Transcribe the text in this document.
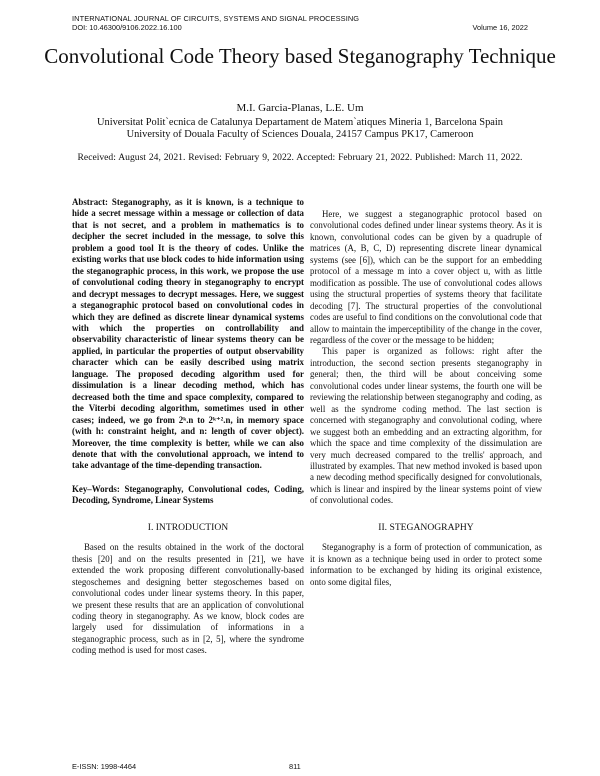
INTERNATIONAL JOURNAL OF CIRCUITS, SYSTEMS AND SIGNAL PROCESSING
DOI: 10.46300/9106.2022.16.100	Volume 16, 2022
Convolutional Code Theory based Steganography Technique
M.I. Garcia-Planas, L.E. Um
Universitat Polit`ecnica de Catalunya Departament de Matem`atiques Mineria 1, Barcelona Spain
University of Douala Faculty of Sciences Douala, 24157 Campus PK17, Cameroon
Received: August 24, 2021. Revised: February 9, 2022. Accepted: February 21, 2022. Published: March 11, 2022.

Abstract: Steganography, as it is known, is a technique to hide a secret message within a message or collection of data that is not secret, and a problem in mathematics is to decipher the secret included in the message, to solve this problem a good tool It is the theory of codes. Unlike the existing works that use block codes to hide information using the steganographic process, in this work, we propose the use of convolutional coding theory in steganography to encrypt and decrypt messages to decrypt messages. Here, we suggest a steganographic protocol based on convolutional codes in which they are defined as discrete linear dynamical systems with which the properties on controllability and observability characteristic of linear systems theory can be applied, in particular the properties of output observability character which can be easily described using matrix language. The proposed decoding algorithm used for dissimulation is a linear decoding method, which has decreased both the time and space complexity, compared to the Viterbi decoding algorithm, sometimes used in other cases; indeed, we go from 2ᵏ.n to 2ᵏ⁺².n, in memory space (with h: constraint height, and n: length of cover object). Moreover, the time complexity is better, while we can also denote that with the convolutional approach, we intend to take advantage of the time-depending transaction.

Key–Words: Steganography, Convolutional codes, Coding, Decoding, Syndrome, Linear Systems

I. INTRODUCTION

Based on the results obtained in the work of the doctoral thesis [20] and on the results presented in [21], we have extended the work proposing different convolutionally-based stegoschemes and designing better stegoschemes based on convolutional codes under linear systems theory. In this paper, we present these results that are an application of convolutional coding theory in steganography. As we know, block codes are largely used for dissimulation of informations in a steganographic process, such as in [2, 5], where the syndrome coding method is used for most cases.

E-ISSN: 1998-4464	811

Here, we suggest a steganographic protocol based on convolutional codes defined under linear systems theory. As it is known, convolutional codes can be given by a quadruple of matrices (A, B, C, D) representing discrete linear dynamical systems (see [6]), which can be the support for an embedding protocol of a message m into a cover object u, with as little modification as possible. The use of convolutional codes allows using the structural properties of systems theory that facilitate decoding [7]. The structural properties of the convolutional codes are useful to find conditions on the convolutional code that allow to maintain the imperceptibility of the change in the cover, regardless of the cover or the message to be hidden;

This paper is organized as follows: right after the introduction, the second section presents steganography in general; then, the third will be about conceiving some convolutional codes under linear systems, the fourth one will be reviewing the relationship between steganography and coding, as well as the syndrome coding method. The last section is concerned with steganography and convolutional coding, where we suggest both an embedding and an extracting algorithm, for which the space and time complexity of the dissimulation are very much decreased compared to the trellis' approach, and illustrated by examples. That new method invoked is based upon a new decoding method specifically designed for convolutionals, which is linear and inspired by the linear systems point of view of convolutional codes.

II. STEGANOGRAPHY

Steganography is a form of protection of communication, as it is known as a technique being used in order to protect some information to be exchanged by hiding its original existence, onto some digital files,
